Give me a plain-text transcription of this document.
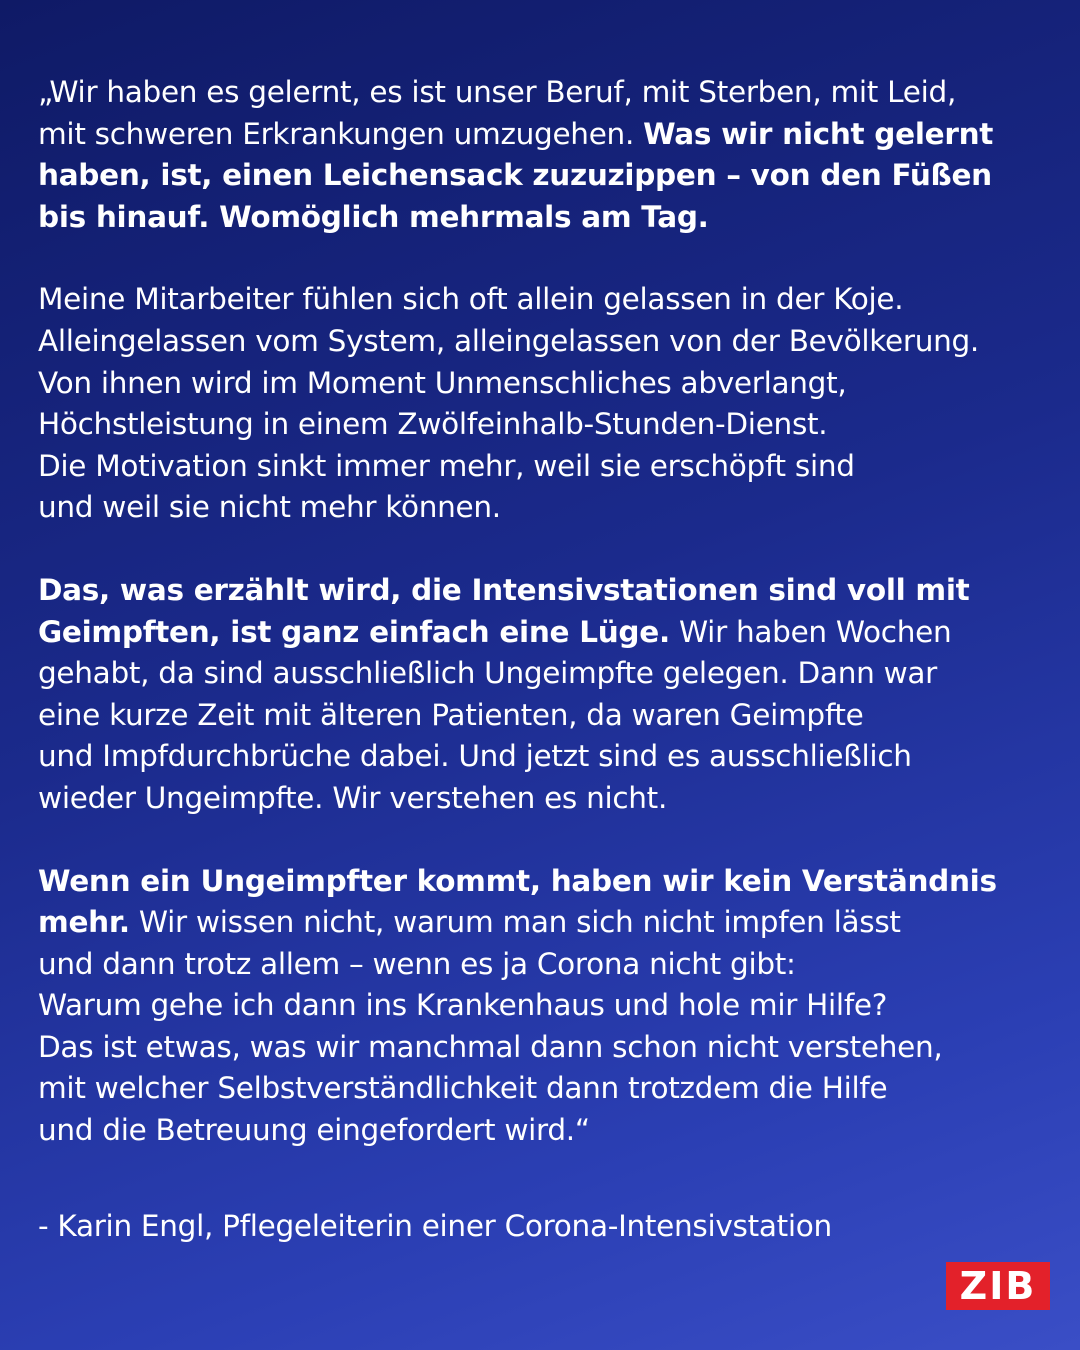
„Wir haben es gelernt, es ist unser Beruf, mit Sterben, mit Leid,
mit schweren Erkrankungen umzugehen. Was wir nicht gelernt
haben, ist, einen Leichensack zuzuzippen – von den Füßen
bis hinauf. Womöglich mehrmals am Tag.

Meine Mitarbeiter fühlen sich oft allein gelassen in der Koje.
Alleingelassen vom System, alleingelassen von der Bevölkerung.
Von ihnen wird im Moment Unmenschliches abverlangt,
Höchstleistung in einem Zwölfeinhalb-Stunden-Dienst.
Die Motivation sinkt immer mehr, weil sie erschöpft sind
und weil sie nicht mehr können.

Das, was erzählt wird, die Intensivstationen sind voll mit
Geimpften, ist ganz einfach eine Lüge. Wir haben Wochen
gehabt, da sind ausschließlich Ungeimpfte gelegen. Dann war
eine kurze Zeit mit älteren Patienten, da waren Geimpfte
und Impfdurchbrüche dabei. Und jetzt sind es ausschließlich
wieder Ungeimpfte. Wir verstehen es nicht.

Wenn ein Ungeimpfter kommt, haben wir kein Verständnis
mehr. Wir wissen nicht, warum man sich nicht impfen lässt
und dann trotz allem – wenn es ja Corona nicht gibt:
Warum gehe ich dann ins Krankenhaus und hole mir Hilfe?
Das ist etwas, was wir manchmal dann schon nicht verstehen,
mit welcher Selbstverständlichkeit dann trotzdem die Hilfe
und die Betreuung eingefordert wird.“

- Karin Engl, Pflegeleiterin einer Corona-Intensivstation
ZIB
